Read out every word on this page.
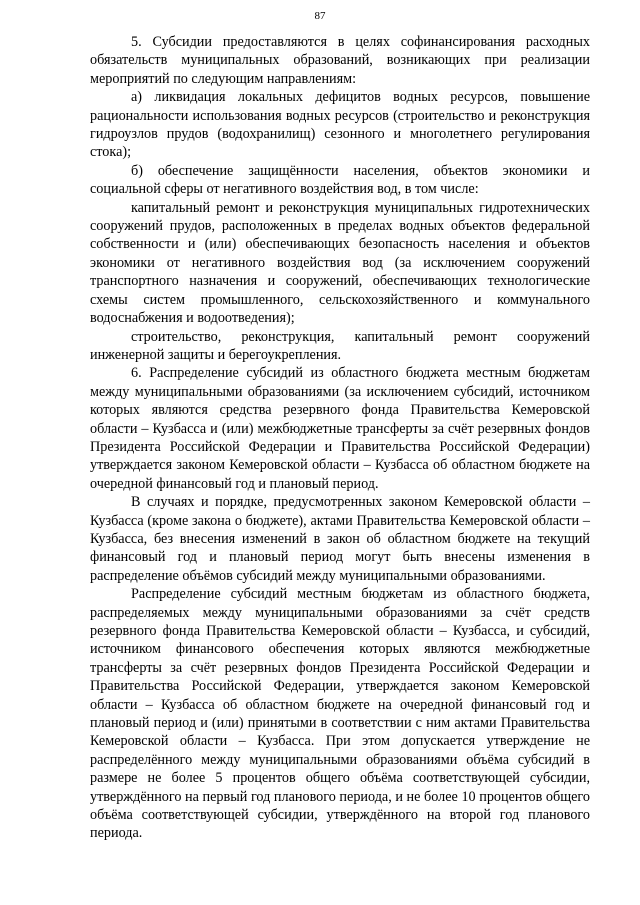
87

5. Субсидии предоставляются в целях софинансирования расходных обязательств муниципальных образований, возникающих при реализации мероприятий по следующим направлениям:

а) ликвидация локальных дефицитов водных ресурсов, повышение рациональности использования водных ресурсов (строительство и реконструкция гидроузлов прудов (водохранилищ) сезонного и многолетнего регулирования стока);

б) обеспечение защищённости населения, объектов экономики и социальной сферы от негативного воздействия вод, в том числе:

капитальный ремонт и реконструкция муниципальных гидротехнических сооружений прудов, расположенных в пределах водных объектов федеральной собственности и (или) обеспечивающих безопасность населения и объектов экономики от негативного воздействия вод (за исключением сооружений транспортного назначения и сооружений, обеспечивающих технологические схемы систем промышленного, сельскохозяйственного и коммунального водоснабжения и водоотведения);

строительство, реконструкция, капитальный ремонт сооружений инженерной защиты и берегоукрепления.

6. Распределение субсидий из областного бюджета местным бюджетам между муниципальными образованиями (за исключением субсидий, источником которых являются средства резервного фонда Правительства Кемеровской области – Кузбасса и (или) межбюджетные трансферты за счёт резервных фондов Президента Российской Федерации и Правительства Российской Федерации) утверждается законом Кемеровской области – Кузбасса об областном бюджете на очередной финансовый год и плановый период.

В случаях и порядке, предусмотренных законом Кемеровской области – Кузбасса (кроме закона о бюджете), актами Правительства Кемеровской области – Кузбасса, без внесения изменений в закон об областном бюджете на текущий финансовый год и плановый период могут быть внесены изменения в распределение объёмов субсидий между муниципальными образованиями.

Распределение субсидий местным бюджетам из областного бюджета, распределяемых между муниципальными образованиями за счёт средств резервного фонда Правительства Кемеровской области – Кузбасса, и субсидий, источником финансового обеспечения которых являются межбюджетные трансферты за счёт резервных фондов Президента Российской Федерации и Правительства Российской Федерации, утверждается законом Кемеровской области – Кузбасса об областном бюджете на очередной финансовый год и плановый период и (или) принятыми в соответствии с ним актами Правительства Кемеровской области – Кузбасса. При этом допускается утверждение не распределённого между муниципальными образованиями объёма субсидий в размере не более 5 процентов общего объёма соответствующей субсидии, утверждённого на первый год планового периода, и не более 10 процентов общего объёма соответствующей субсидии, утверждённого на второй год планового периода.
